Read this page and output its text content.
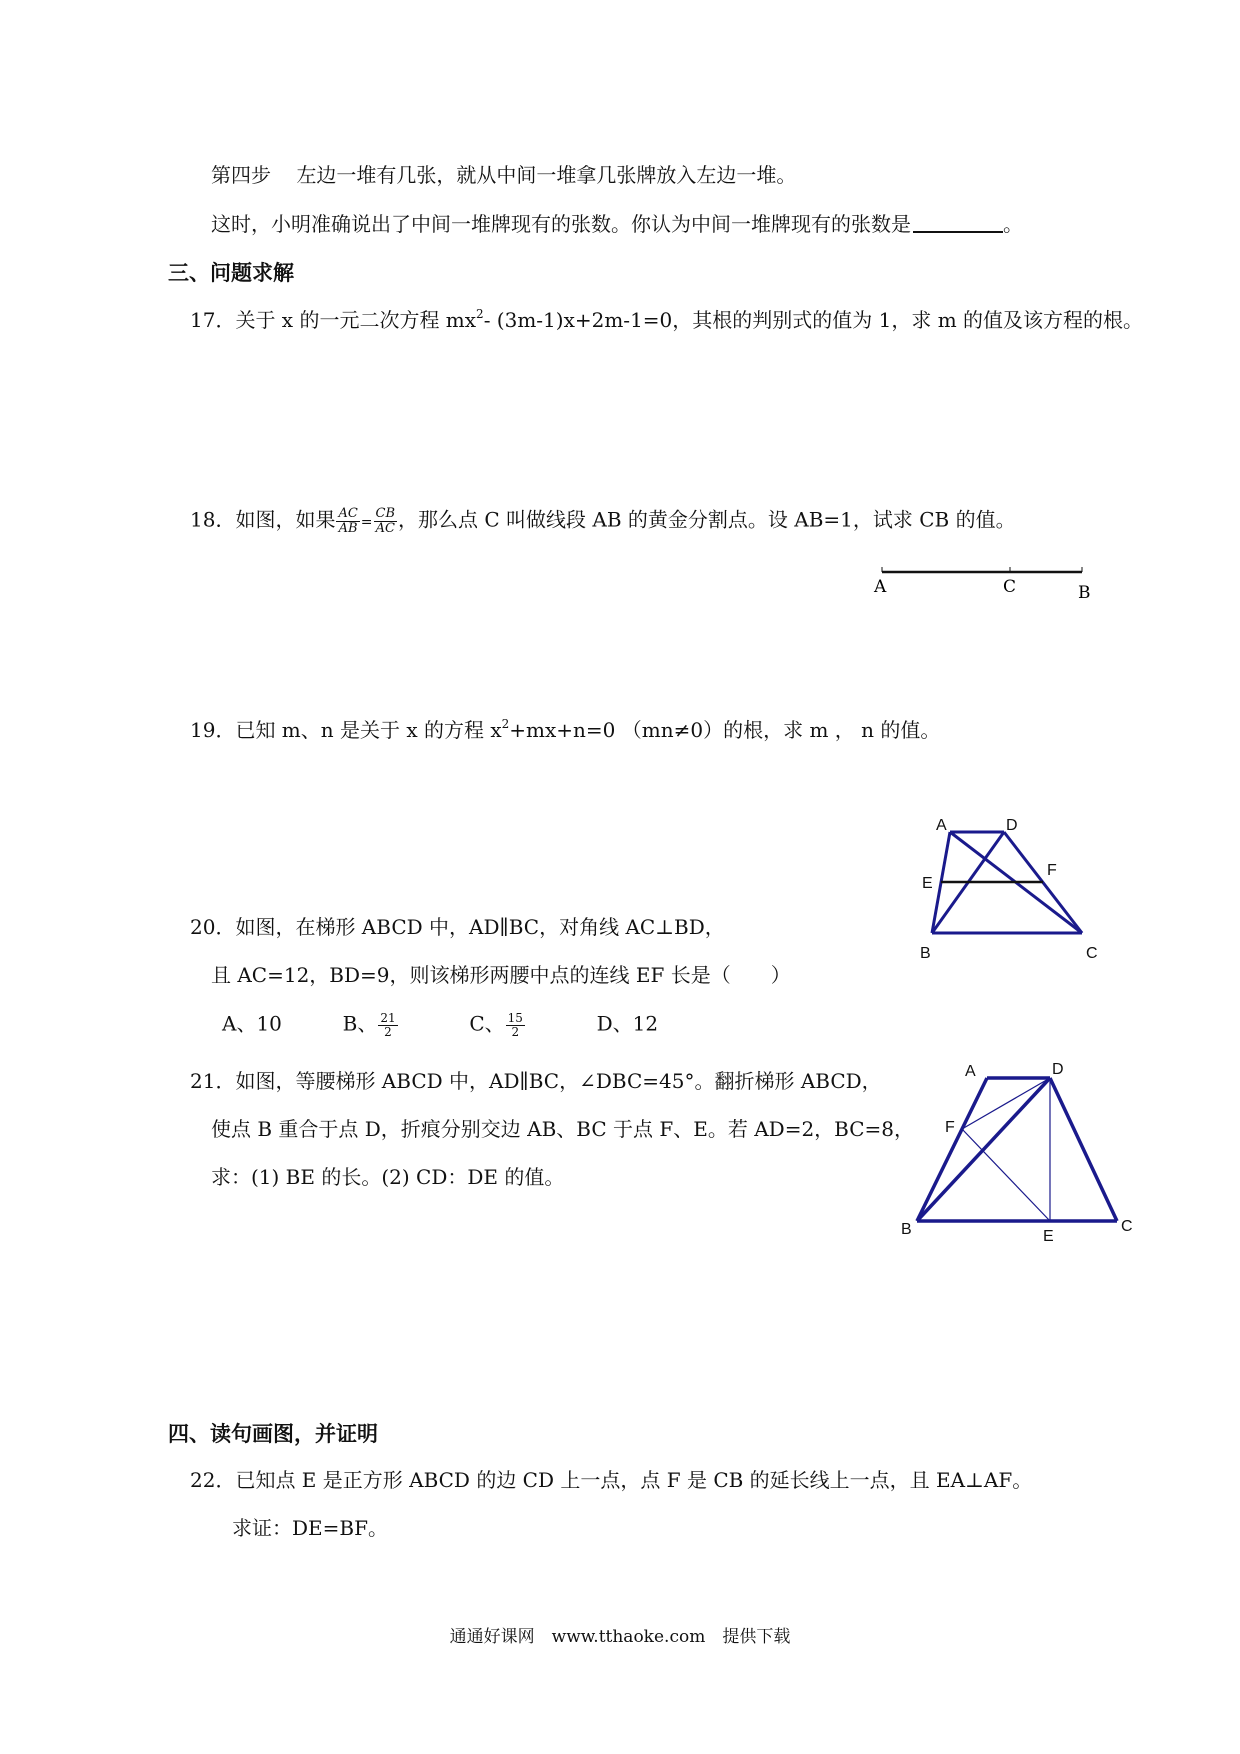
第四步 左边一堆有几张，就从中间一堆拿几张牌放入左边一堆。
这时，小明准确说出了中间一堆牌现有的张数。你认为中间一堆牌现有的张数是	。
三、问题求解
17．关于 x 的一元二次方程 $mx^2-$ (3m-1)x+2m-1=0，其根的判别式的值为 1，求 m 的值及该方程的根。
18．如图，如果 $\frac{AC}{AB} = \frac{CB}{AC}$ ，那么点 C 叫做线段 AB 的黄金分割点。设 AB=1，试求 CB 的值。
A	C	B
19．已知 m、n 是关于 x 的方程 $x^2+mx+n=0$ （mn≠0）的根，求 m ， n 的值。
A	D
E
F
B	C
20．如图，在梯形 ABCD 中，AD∥BC，对角线 AC⊥BD，
且 AC=12，BD=9，则该梯形两腰中点的连线 EF 长是（　　）
A、10	B、 $\frac{21}{2}$	C、 $\frac{15}{2}$	D、12
21．如图，等腰梯形 ABCD 中，AD∥BC，∠DBC=45°。翻折梯形 ABCD，
使点 B 重合于点 D，折痕分别交边 AB、BC 于点 F、E。若 AD=2，BC=8，
求：(1) BE 的长。(2) CD：DE 的值。
A	D
F
B	E
C
四、读句画图，并证明
22．已知点 E 是正方形 ABCD 的边 CD 上一点，点 F 是 CB 的延长线上一点，且 EA⊥AF。
求证：DE=BF。
通通好课网　www.tthaoke.com　提供下载
